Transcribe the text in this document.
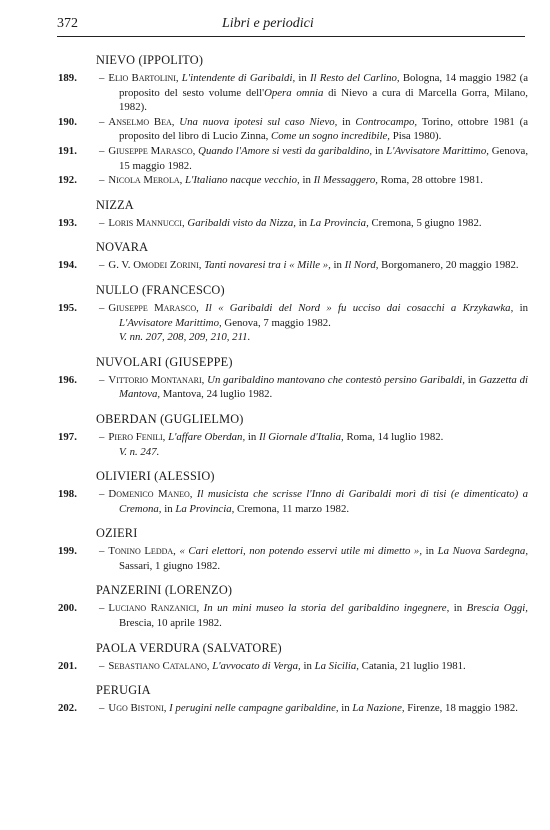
372	Libri e periodici
NIEVO (IPPOLITO)
189.	– Elio Bartolini, L'intendente di Garibaldi, in Il Resto del Carlino, Bologna, 14 maggio 1982 (a proposito del sesto volume dell'Opera omnia di Nievo a cura di Marcella Gorra, Milano, 1982).
190.	– Anselmo Bea, Una nuova ipotesi sul caso Nievo, in Controcampo, Torino, ottobre 1981 (a proposito del libro di Lucio Zinna, Come un sogno incredibile, Pisa 1980).
191.	– Giuseppe Marasco, Quando l'Amore si vestì da garibaldino, in L'Avvisatore Marittimo, Genova, 15 maggio 1982.
192.	– Nicola Merola, L'Italiano nacque vecchio, in Il Messaggero, Roma, 28 ottobre 1981.
NIZZA
193.	– Loris Mannucci, Garibaldi visto da Nizza, in La Provincia, Cremona, 5 giugno 1982.
NOVARA
194.	– G. V. Omodei Zorini, Tanti novaresi tra i « Mille », in Il Nord, Borgomanero, 20 maggio 1982.
NULLO (FRANCESCO)
195.	– Giuseppe Marasco, Il « Garibaldi del Nord » fu ucciso dai cosacchi a Krzykawka, in L'Avvisatore Marittimo, Genova, 7 maggio 1982.
V. nn. 207, 208, 209, 210, 211.
NUVOLARI (GIUSEPPE)
196.	– Vittorio Montanari, Un garibaldino mantovano che contestò persino Garibaldi, in Gazzetta di Mantova, Mantova, 24 luglio 1982.
OBERDAN (GUGLIELMO)
197.	– Piero Fenili, L'affare Oberdan, in Il Giornale d'Italia, Roma, 14 luglio 1982.
V. n. 247.
OLIVIERI (ALESSIO)
198.	– Domenico Maneo, Il musicista che scrisse l'Inno di Garibaldi morì di tisi (e dimenticato) a Cremona, in La Provincia, Cremona, 11 marzo 1982.
OZIERI
199.	– Tonino Ledda, « Cari elettori, non potendo esservi utile mi dimetto », in La Nuova Sardegna, Sassari, 1 giugno 1982.
PANZERINI (LORENZO)
200.	– Luciano Ranzanici, In un mini museo la storia del garibaldino ingegnere, in Brescia Oggi, Brescia, 10 aprile 1982.
PAOLA VERDURA (SALVATORE)
201.	– Sebastiano Catalano, L'avvocato di Verga, in La Sicilia, Catania, 21 luglio 1981.
PERUGIA
202.	– Ugo Bistoni, I perugini nelle campagne garibaldine, in La Nazione, Firenze, 18 maggio 1982.
